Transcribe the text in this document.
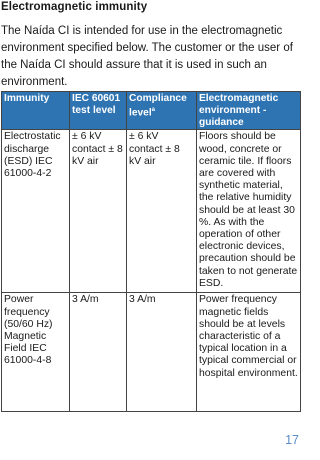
Electromagnetic immunity
The Naída CI is intended for use in the electromagnetic environment specified below. The customer or the user of the Naída CI should assure that it is used in such an environment.
Immunity	IEC 60601 test level	Compliance level$^a$	Electromagnetic environment - guidance
Electrostatic discharge (ESD) IEC 61000-4-2	± 6 kV contact ± 8 kV air	± 6 kV contact ± 8 kV air	Floors should be wood, concrete or ceramic tile. If floors are covered with synthetic material, the relative humidity should be at least 30 %. As with the operation of other electronic devices, precaution should be taken to not generate ESD.
Power frequency (50/60 Hz) Magnetic Field IEC 61000-4-8	3 A/m	3 A/m	Power frequency magnetic fields should be at levels characteristic of a typical location in a typical commercial or hospital environment.
17
